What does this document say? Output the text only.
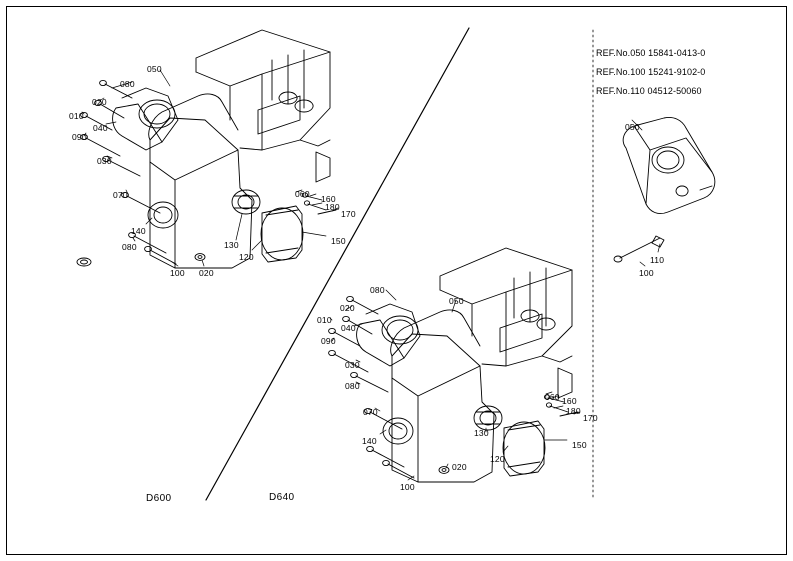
REF.No.050 15841-0413-0
REF.No.100 15241-9102-0
REF.No.110 04512-50060
D600	D640
050
080
020
010
040
090
030
070	060 160
180
170
140
080	130	150
120
100 020
080
050
020
010
040
090
030
080
060 160
180
170
070
140
130
150
120
020
100
050
110
100
